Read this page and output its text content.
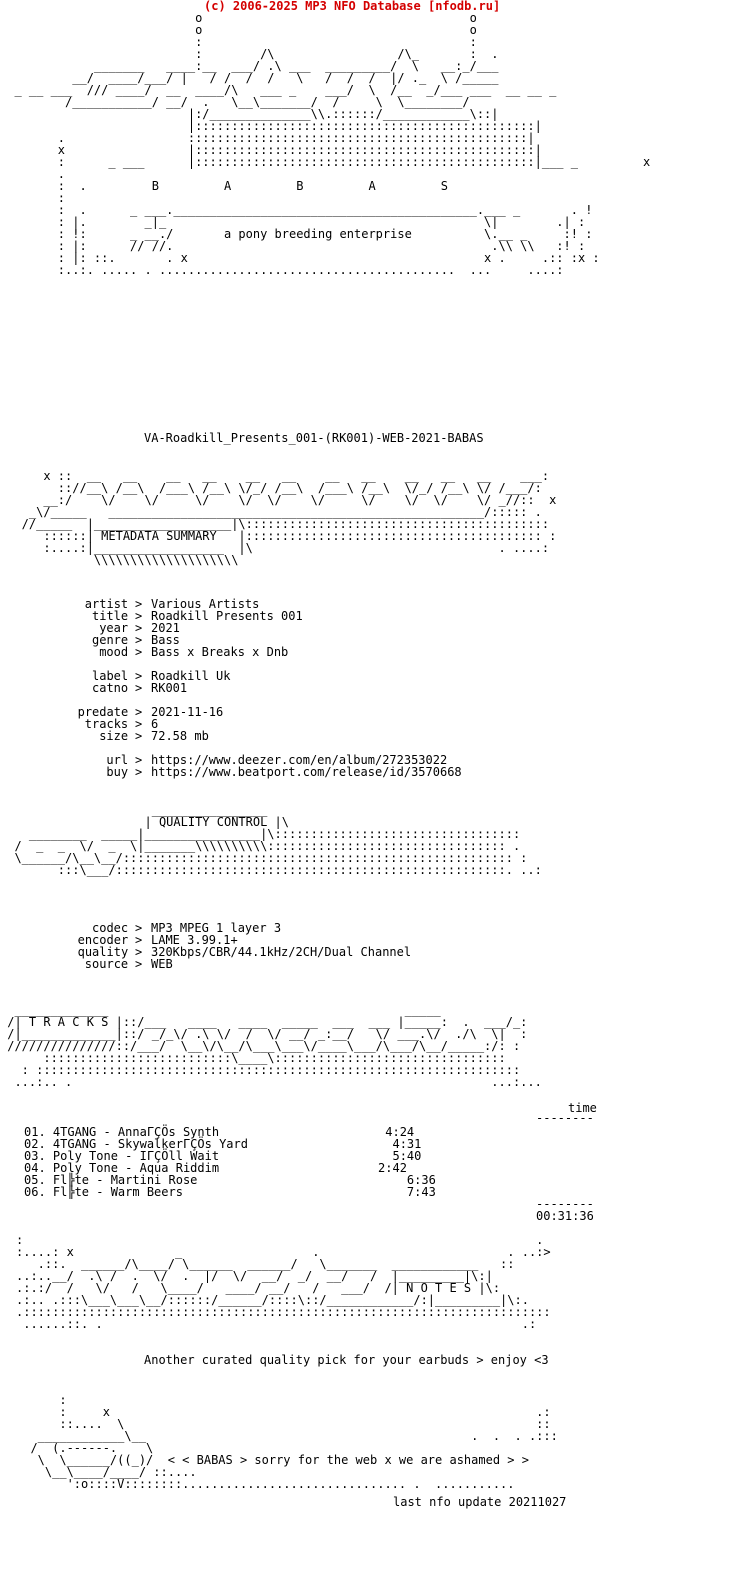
(c) 2006-2025 MP3 NFO Database [nfodb.ru]
o                                     o
o                                     o
:                                     :
:        /\                 /\_       :  .
_______   ____:__  ___/ .\ ___  _________/  \   __:_/___
__/  ____/___/ |   / /  /  /   \   /  /  /  |/ ._  \ /_____
_ __ ___  /// ____/  __  ____/\   ___ _    ___/  \  /__  _/___ ___  __ __ _
/___________/ __/  .   \__\_______/  /     \  \________/
|:/______________\\.::::::/____________\::|
|:::::::::::::::::::::::::::::::::::::::::::::::|
.                 :::::::::::::::::::::::::::::::::::::::::::::::|
x                 |:::::::::::::::::::::::::::::::::::::::::::::::|
:      _ ___      |:::::::::::::::::::::::::::::::::::::::::::::::|___ _         x
.
:  .         B         A         B         A         S
:
:  .      _ ___.__________________________________________.___ _       . !
: |.        _|_                                            \|        .| :
: !:      _ __./       a pony breeding enterprise          \.__ _     :! :
: |:      // //.                                            .\\ \\   :! :
: |: ::.       . x                                         x .     .:: :x :
:..:. ..... . .........................................  ...     ....:
VA-Roadkill_Presents_001-(RK001)-WEB-2021-BABAS
x ::  __   __    __   __    __   __    __   __    __   __   __    ___:
:://__\ /__\  /___\ /__\ \/_/ /__\  /___\ /__\  \/_/ /__\ \/ /___/:
__:/    \/    \/     \/    \/  \/    \/     \/    \/  \/    \/ _//::  x
_\/_____   ____________________________________________________/::::: .
//_____  |___________________|\::::::::::::::::::::::::::::::::::::::::::
::::::| METADATA SUMMARY   |::::::::::::::::::::::::::::::::::::::::: :
:....:|__________________  |\                                  . ....:
\\\\\\\\\\\\\\\\\\\\
artist > Various Artists
title > Roadkill Presents 001
year > 2021
genre > Bass
mood > Bass x Breaks x Dnb
label > Roadkill Uk
catno > RK001
predate > 2021-11-16
tracks > 6
size > 72.58 mb
url > https://www.deezer.com/en/album/272353022
buy > https://www.beatport.com/release/id/3570668
________________
| QUALITY CONTROL |\
________  _____|________________|\::::::::::::::::::::::::::::::::::
/  _  _  \/  _  \|_______\\\\\\\\\\::::::::::::::::::::::::::::::::: .
\______/\__\__/:::::::::::::::::::::::::::::::::::::::::::::::::::::: :
:::\___/::::::::::::::::::::::::::::::::::::::::::::::::::::::. ..:
codec > MP3 MPEG 1 layer 3
encoder > LAME 3.99.1+
quality > 320Kbps/CBR/44.1kHz/2CH/Dual Channel
source > WEB
_____________                                         _____
/| T R A C K S |::/___   ____   ____  _____  ___  ___ |_____:  .  ___/_:
/|_____________|::/ _/_\/ .\ \/  /  \/ __/ _:__/   \/ ___.\/  ./\  \|  :
///////////////::/___/  \__\/\__/\___\___\/____\___/\___/\__/_____:/: :
::::::::::::::::::::::::::\____\::::::::::::::::::::::::::::::::
: :::::::::::::::::::::::::::::::::::::::::::::::::::::::::::::::::::
...:.. .                                                          ...:...
time
--------
01. 4TGANG - AnnaΓÇÖs Synth	4:24
02. 4TGANG - SkywalkerΓÇÖs Yard	4:31
03. Poly Tone - IΓÇÖll Wait	5:40
04. Poly Tone - Aqua Riddim	2:42
05. Fl╠te - Martini Rose	6:36
06. Fl╠te - Warm Beers	7:43
--------
00:31:36
:                                                                       .
:....: x              _                  .                          . ..:>
.::.  ______/\____/ \______  ______/   \_______  ____________   ::
..:..__/  .\ /  .  \/  .  |/  \/  __/  _/  __/   /  |_________|\:|
.:.:/  /   \/   /   \____/   ____/ __/   /   ___/  /| N O T E S |\:
.:.. .:::\___\___\__/::::::/______/::::\::/____________/:|_________|\:.
.:::::::::::::::::::::::::::::::::::::::::::::::::::::::::::::::::::::::::
......::. .                                                          .:
Another curated quality pick for your earbuds > enjoy <3
:
:     x                                                           .:
::....  \                                                         ::
____________\__                                             .  .  . .:::
/  (.------.    \
\  \______/((_)/  < < BABAS > sorry for the web x we are ashamed > >
\__\____/____/ ::....
':o::::V::::::::............................... .  ...........
last nfo update 20211027
